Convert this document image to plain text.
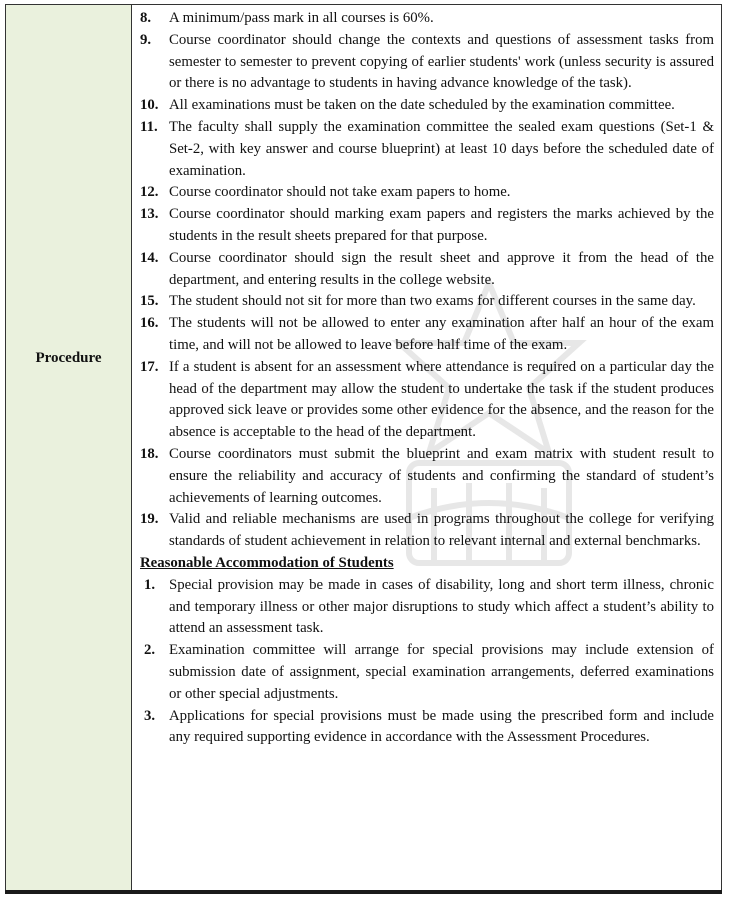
Procedure
8.	A minimum/pass mark in all courses is 60%.
9.	Course coordinator should change the contexts and questions of assessment tasks from semester to semester to prevent copying of earlier students' work (unless security is assured or there is no advantage to students in having advance knowledge of the task).
10. All examinations must be taken on the date scheduled by the examination committee.
11. The faculty shall supply the examination committee the sealed exam questions (Set-1 & Set-2, with key answer and course blueprint) at least 10 days before the scheduled date of examination.
12. Course coordinator should not take exam papers to home.
13. Course coordinator should marking exam papers and registers the marks achieved by the students in the result sheets prepared for that purpose.
14. Course coordinator should sign the result sheet and approve it from the head of the department, and entering results in the college website.
15. The student should not sit for more than two exams for different courses in the same day.
16. The students will not be allowed to enter any examination after half an hour of the exam time, and will not be allowed to leave before half time of the exam.
17. If a student is absent for an assessment where attendance is required on a particular day the head of the department may allow the student to undertake the task if the student produces approved sick leave or provides some other evidence for the absence, and the reason for the absence is acceptable to the head of the department.
18. Course coordinators must submit the blueprint and exam matrix with student result to ensure the reliability and accuracy of students and confirming the standard of student’s achievements of learning outcomes.
19. Valid and reliable mechanisms are used in programs throughout the college for verifying standards of student achievement in relation to relevant internal and external benchmarks.
Reasonable Accommodation of Students
1. Special provision may be made in cases of disability, long and short term illness, chronic and temporary illness or other major disruptions to study which affect a student’s ability to attend an assessment task.
2. Examination committee will arrange for special provisions may include extension of submission date of assignment, special examination arrangements, deferred examinations or other special adjustments.
3. Applications for special provisions must be made using the prescribed form and include any required supporting evidence in accordance with the Assessment Procedures.
